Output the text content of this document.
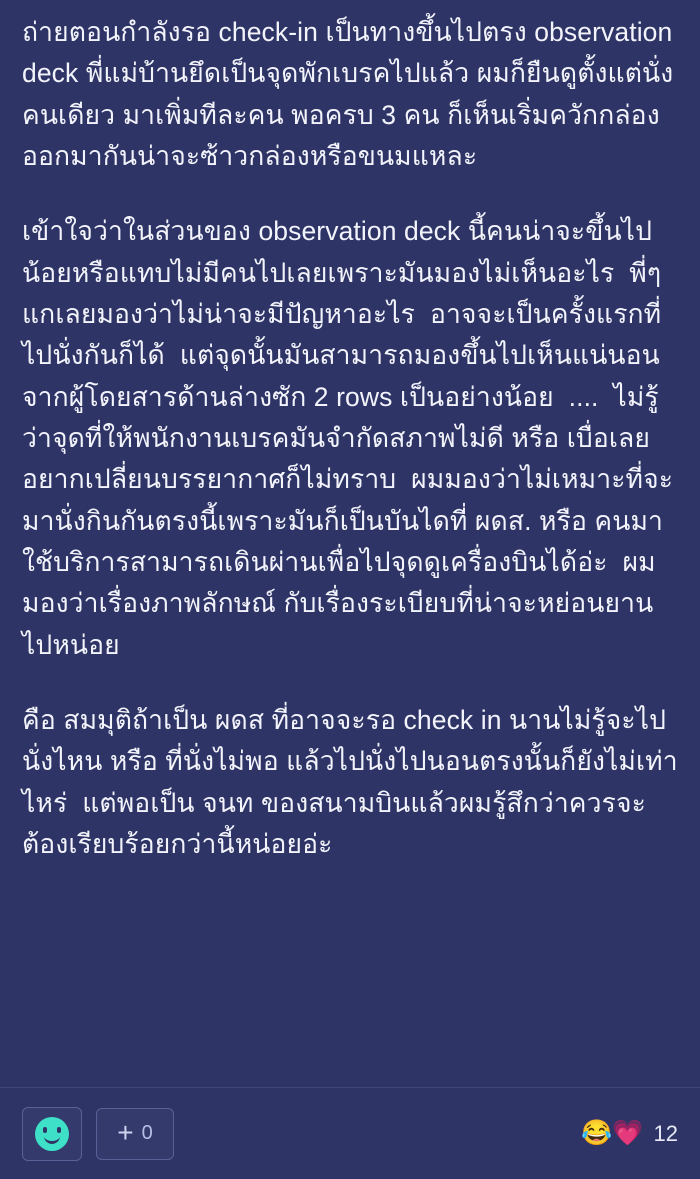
ถ่ายตอนกำลังรอ check-in เป็นทางขึ้นไปตรง observation deck พี่แม่บ้านยึดเป็นจุดพักเบรคไปแล้ว ผมก็ยืนดูตั้งแต่นั่งคนเดียว มาเพิ่มทีละคน พอครบ 3 คน ก็เห็นเริ่มควักกล่องออกมากันน่าจะซ้าวกล่องหรือขนมแหละ

เข้าใจว่าในส่วนของ observation deck นี้คนน่าจะขึ้นไปน้อยหรือแทบไม่มีคนไปเลยเพราะมันมองไม่เห็นอะไร  พี่ๆแกเลยมองว่าไม่น่าจะมีปัญหาอะไร  อาจจะเป็นครั้งแรกที่ไปนั่งกันก็ได้  แต่จุดนั้นมันสามารถมองขึ้นไปเห็นแน่นอนจากผู้โดยสารด้านล่างซัก 2 rows เป็นอย่างน้อย  ....  ไม่รู้ว่าจุดที่ให้พนักงานเบรคมันจำกัดสภาพไม่ดี หรือ เบื่อเลยอยากเปลี่ยนบรรยากาศก็ไม่ทราบ  ผมมองว่าไม่เหมาะที่จะมานั่งกินกันตรงนี้เพราะมันก็เป็นบันไดที่ ผดส. หรือ คนมาใช้บริการสามารถเดินผ่านเพื่อไปจุดดูเครื่องบินได้อ่ะ  ผมมองว่าเรื่องภาพลักษณ์ กับเรื่องระเบียบที่น่าจะหย่อนยานไปหน่อย

คือ สมมุติถ้าเป็น ผดส ที่อาจจะรอ check in นานไม่รู้จะไปนั่งไหน หรือ ที่นั่งไม่พอ แล้วไปนั่งไปนอนตรงนั้นก็ยังไม่เท่าไหร่  แต่พอเป็น จนท ของสนามบินแล้วผมรู้สึกว่าควรจะต้องเรียบร้อยกว่านี้หน่อยอ่ะ

+ 0	😂 💗 12
